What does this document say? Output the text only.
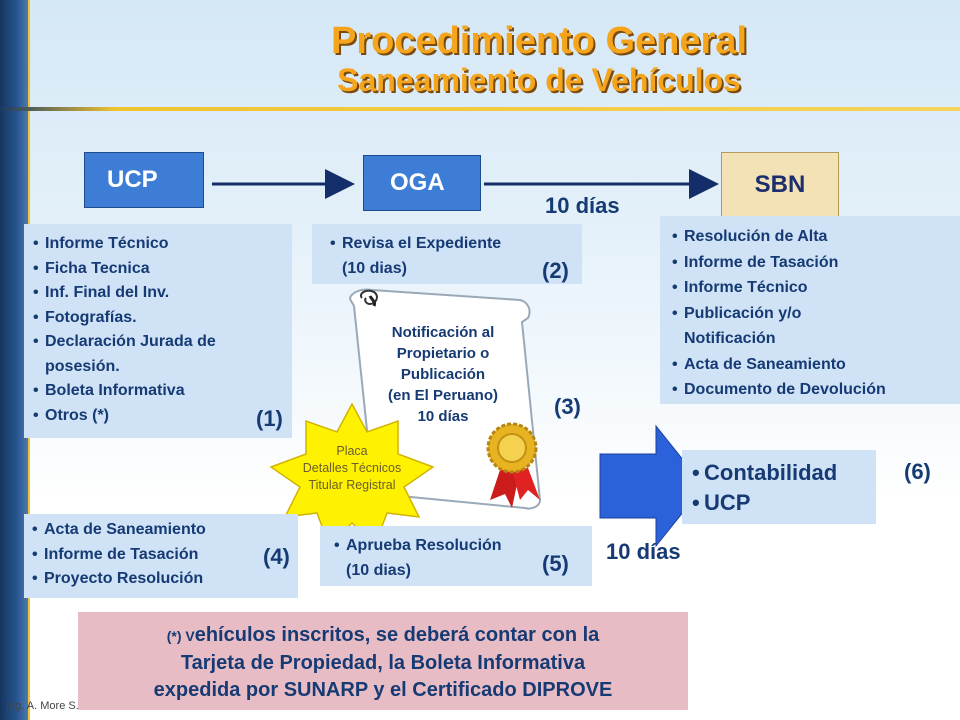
Procedimiento General
Saneamiento de Vehículos
UCP	OGA	SBN
10 días
• Informe Técnico
• Ficha Tecnica
• Inf. Final del Inv.
• Fotografías.
• Declaración Jurada de posesión.
• Boleta Informativa
• Otros (*)	(1)
• Revisa el Expediente
(10 dias)	(2)
Notificación al
Propietario o
Publicación
(en El Peruano)
10 días	(3)
Placa
Detalles Técnicos
Titular Registral
• Resolución de Alta
• Informe de Tasación
• Informe Técnico
• Publicación y/o Notificación
• Acta de Saneamiento
• Documento de Devolución
• Contabilidad
• UCP
(6)
• Acta de Saneamiento
• Informe de Tasación
• Proyecto Resolución
(4)
•	Aprueba Resolución
(10 dias)	(5) 10 días
(*) Vehículos inscritos, se deberá contar con la
Tarjeta de Propiedad, la Boleta Informativa
expedida por SUNARP y el Certificado DIPROVE
Ing. A. More S.
